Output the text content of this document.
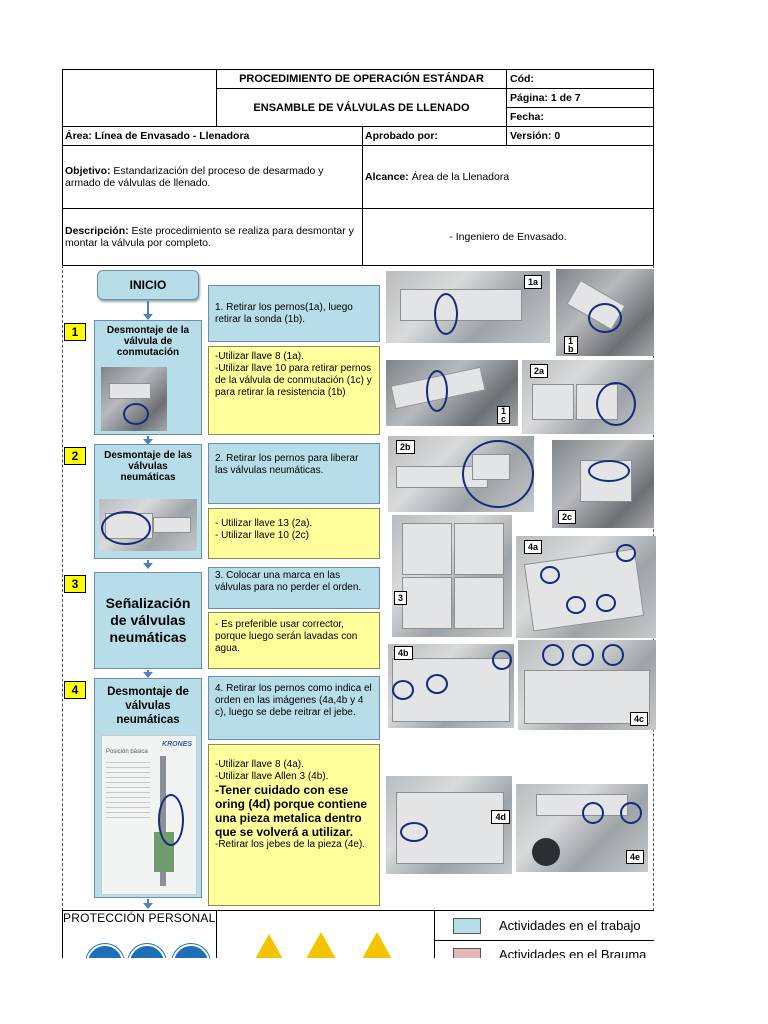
PROCEDIMIENTO DE OPERACIÓN ESTÁNDAR
ENSAMBLE DE VÁLVULAS DE LLENADO
Cód:
Página: 1 de 7
Fecha:
Área: Línea de Envasado - Llenadora	Aprobado por:	Versión: 0
Objetivo: Estandarización del proceso de desarmado y armado de válvulas de llenado.	Alcance: Área de la Llenadora
Descripción: Este procedimiento se realiza para desmontar y montar la válvula por completo.	- Ingeniero de Envasado.
INICIO
1	Desmontaje de la válvula de conmutación
1. Retirar los pernos(1a), luego retirar la sonda (1b).
-Utilizar llave 8 (1a).
-Utilizar llave 10 para retirar pernos de la válvula de conmutación (1c) y para retirar la resistencia (1b)
2	Desmontaje de las válvulas neumáticas
2. Retirar los pernos para liberar las válvulas neumáticas.
- Utilizar llave 13 (2a).
- Utilizar llave 10 (2c)
3
Señalización de válvulas neumáticas
3. Colocar una marca en las válvulas para no perder el orden.
- Es preferible usar corrector, porque luego serán lavadas con agua.
4	Desmontaje de válvulas neumáticas
KRONES
Posición básica
4. Retirar los pernos como indica el orden en las imágenes (4a,4b y 4 c), luego se debe reitrar el jebe.
-Utilizar llave 8 (4a).
-Utilizar llave Allen 3 (4b).
-Tener cuidado con ese oring (4d) porque contiene una pieza metalica dentro que se volverá a utilizar.
-Retirar los jebes de la pieza (4e).
1a
1
b
1
c
2a
2b
2c
3
4a
4b
4c
4d
4e
PROTECCIÓN PERSONAL	Actividades en el trabajo
Actividades en el Brauma
